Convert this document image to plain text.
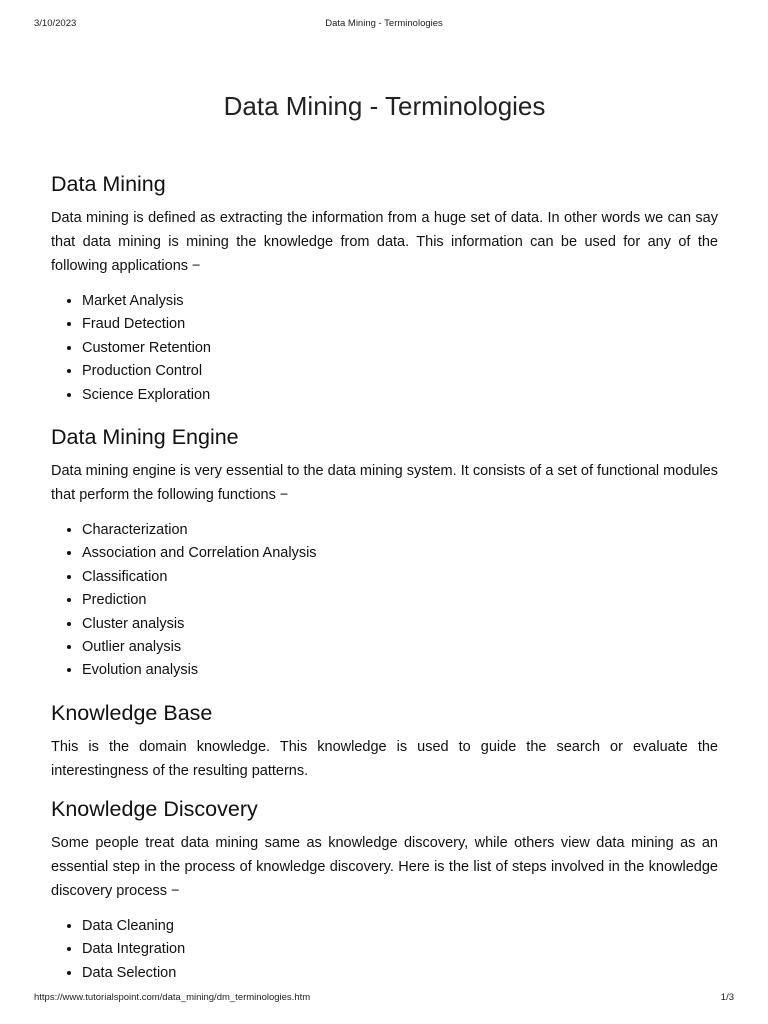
3/10/2023	Data Mining - Terminologies
Data Mining - Terminologies
Data Mining

Data mining is defined as extracting the information from a huge set of data. In other words we can say that data mining is mining the knowledge from data. This information can be used for any of the following applications −

• Market Analysis
• Fraud Detection
• Customer Retention
• Production Control
• Science Exploration
Data Mining Engine

Data mining engine is very essential to the data mining system. It consists of a set of functional modules that perform the following functions −

• Characterization
• Association and Correlation Analysis
• Classification
• Prediction
• Cluster analysis
• Outlier analysis
• Evolution analysis
Knowledge Base

This is the domain knowledge. This knowledge is used to guide the search or evaluate the interestingness of the resulting patterns.

Knowledge Discovery

Some people treat data mining same as knowledge discovery, while others view data mining as an essential step in the process of knowledge discovery. Here is the list of steps involved in the knowledge discovery process −

• Data Cleaning
• Data Integration
• Data Selection
https://www.tutorialspoint.com/data_mining/dm_terminologies.htm	1/3
